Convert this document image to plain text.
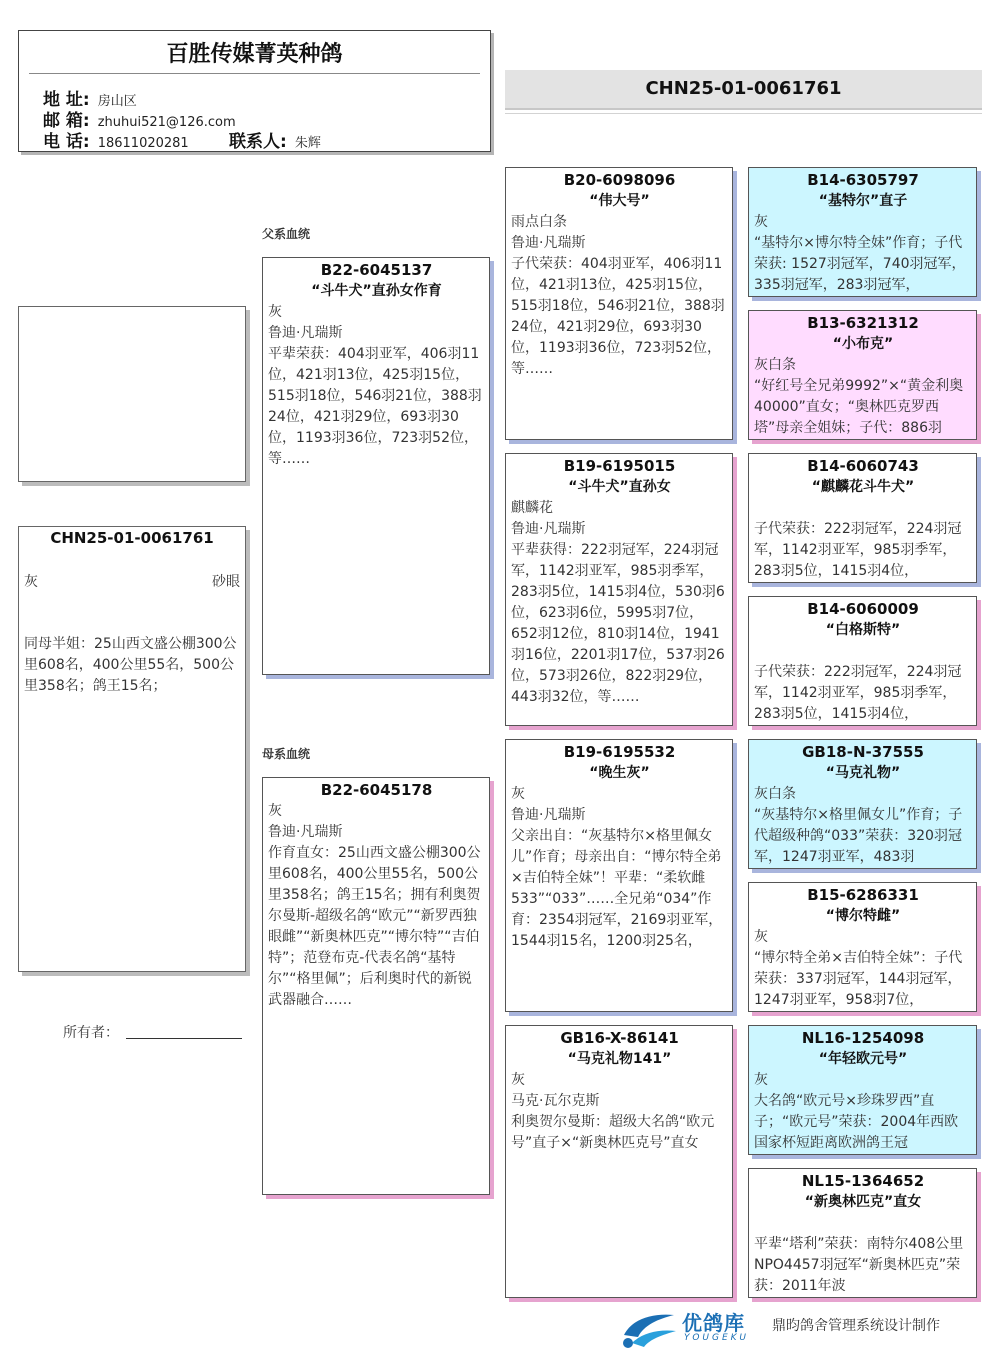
百胜传媒菁英种鸽
地 址: 房山区
邮 箱: zhuhui521@126.com
电 话: 18611020281 联系人: 朱辉
CHN25-01-0061761
父系血统
母系血统
CHN25-01-0061761
灰	砂眼
同母半姐：25山西文盛公棚300公里608名，400公里55名，500公里358名；鸽王15名；
所有者：
B22-6045137
“斗牛犬”直孙女作育
灰
鲁迪·凡瑞斯
平辈荣获：404羽亚军，406羽11位，421羽13位，425羽15位，515羽18位，546羽21位，388羽24位，421羽29位，693羽30位，1193羽36位，723羽52位，等……
B22-6045178
灰
鲁迪·凡瑞斯
作育直女：25山西文盛公棚300公里608名，400公里55名，500公里358名；鸽王15名；拥有利奥贺尔曼斯-超级名鸽“欧元”“新罗西独眼雌”“新奥林匹克”“博尔特”“吉伯特”；范登布克-代表名鸽“基特尔”“格里佩”；后利奥时代的新锐武器融合……
B20-6098096
“伟大号”
雨点白条
鲁迪·凡瑞斯
子代荣获：404羽亚军，406羽11位，421羽13位，425羽15位，515羽18位，546羽21位，388羽24位，421羽29位，693羽30位，1193羽36位，723羽52位，等……
B19-6195015
“斗牛犬”直孙女
麒麟花
鲁迪·凡瑞斯
平辈获得：222羽冠军，224羽冠军，1142羽亚军，985羽季军，283羽5位，1415羽4位，530羽6位，623羽6位，5995羽7位，652羽12位，810羽14位，1941羽16位，2201羽17位，537羽26位，573羽26位，822羽29位，443羽32位，等……
B19-6195532
“晚生灰”
灰
鲁迪·凡瑞斯
父亲出自：“灰基特尔×格里佩女儿”作育；母亲出自：“博尔特全弟×吉伯特全妹”！平辈：“柔软雌533”“033”……全兄弟“034”作育：2354羽冠军，2169羽亚军，1544羽15名，1200羽25名，
GB16-X-86141
“马克礼物141”
灰
马克·瓦尔克斯
利奥贺尔曼斯：超级大名鸽“欧元号”直子×“新奥林匹克号”直女
B14-6305797
“基特尔”直子
灰
“基特尔×博尔特全妹”作育；子代荣获: 1527羽冠军，740羽冠军，335羽冠军，283羽冠军，
B13-6321312
“小布克”
灰白条
“好红号全兄弟9992”×“黄金利奥40000”直女；“奥林匹克罗西塔”母亲全姐妹；子代：886羽
B14-6060743
“麒麟花斗牛犬”
子代荣获：222羽冠军，224羽冠军，1142羽亚军，985羽季军，283羽5位，1415羽4位，
B14-6060009
“白格斯特”
子代荣获：222羽冠军，224羽冠军，1142羽亚军，985羽季军，283羽5位，1415羽4位，
GB18-N-37555
“马克礼物”
灰白条
“灰基特尔×格里佩女儿”作育；子代超级种鸽“033”荣获：320羽冠军，1247羽亚军，483羽
B15-6286331
“博尔特雌”
灰
“博尔特全弟×吉伯特全妹”：子代荣获：337羽冠军，144羽冠军，1247羽亚军，958羽7位，
NL16-1254098
“年轻欧元号”
灰
大名鸽“欧元号×珍珠罗西”直子；“欧元号”荣获：2004年西欧国家杯短距离欧洲鸽王冠
NL15-1364652
“新奥林匹克”直女
平辈“塔利”荣获：南特尔408公里NPO4457羽冠军“新奥林匹克”荣获：2011年波
优鸽库
YOUGEKU
鼎昀鸽舍管理系统设计制作
